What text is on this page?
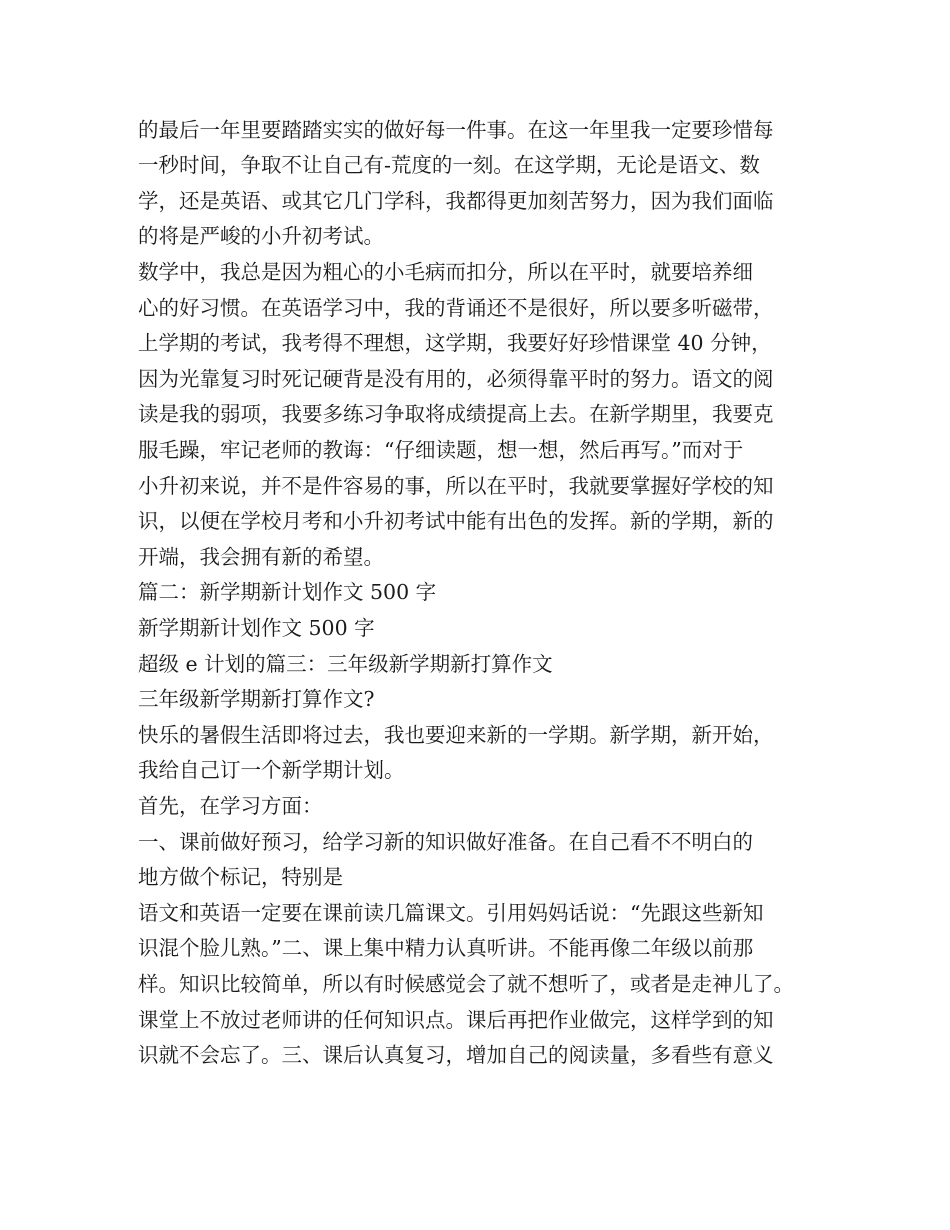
的最后一年里要踏踏实实的做好每一件事。在这一年里我一定要珍惜每

一秒时间，争取不让自己有-荒度的一刻。在这学期，无论是语文、数

学，还是英语、或其它几门学科，我都得更加刻苦努力，因为我们面临

的将是严峻的小升初考试。

数学中，我总是因为粗心的小毛病而扣分，所以在平时，就要培养细

心的好习惯。在英语学习中，我的背诵还不是很好，所以要多听磁带，

上学期的考试，我考得不理想，这学期，我要好好珍惜课堂 40 分钟，

因为光靠复习时死记硬背是没有用的，必须得靠平时的努力。语文的阅

读是我的弱项，我要多练习争取将成绩提高上去。在新学期里，我要克

服毛躁，牢记老师的教诲：“仔细读题，想一想，然后再写。”而对于

小升初来说，并不是件容易的事，所以在平时，我就要掌握好学校的知

识，以便在学校月考和小升初考试中能有出色的发挥。新的学期，新的

开端，我会拥有新的希望。

篇二：新学期新计划作文 500 字

新学期新计划作文 500 字

超级 e 计划的篇三：三年级新学期新打算作文

三年级新学期新打算作文?

快乐的暑假生活即将过去，我也要迎来新的一学期。新学期，新开始，

我给自己订一个新学期计划。

首先，在学习方面：

一、课前做好预习，给学习新的知识做好准备。在自己看不不明白的

地方做个标记，特别是

语文和英语一定要在课前读几篇课文。引用妈妈话说：“先跟这些新知

识混个脸儿熟。”二、课上集中精力认真听讲。不能再像二年级以前那

样。知识比较简单，所以有时候感觉会了就不想听了，或者是走神儿了。

课堂上不放过老师讲的任何知识点。课后再把作业做完，这样学到的知

识就不会忘了。三、课后认真复习，增加自己的阅读量，多看些有意义
